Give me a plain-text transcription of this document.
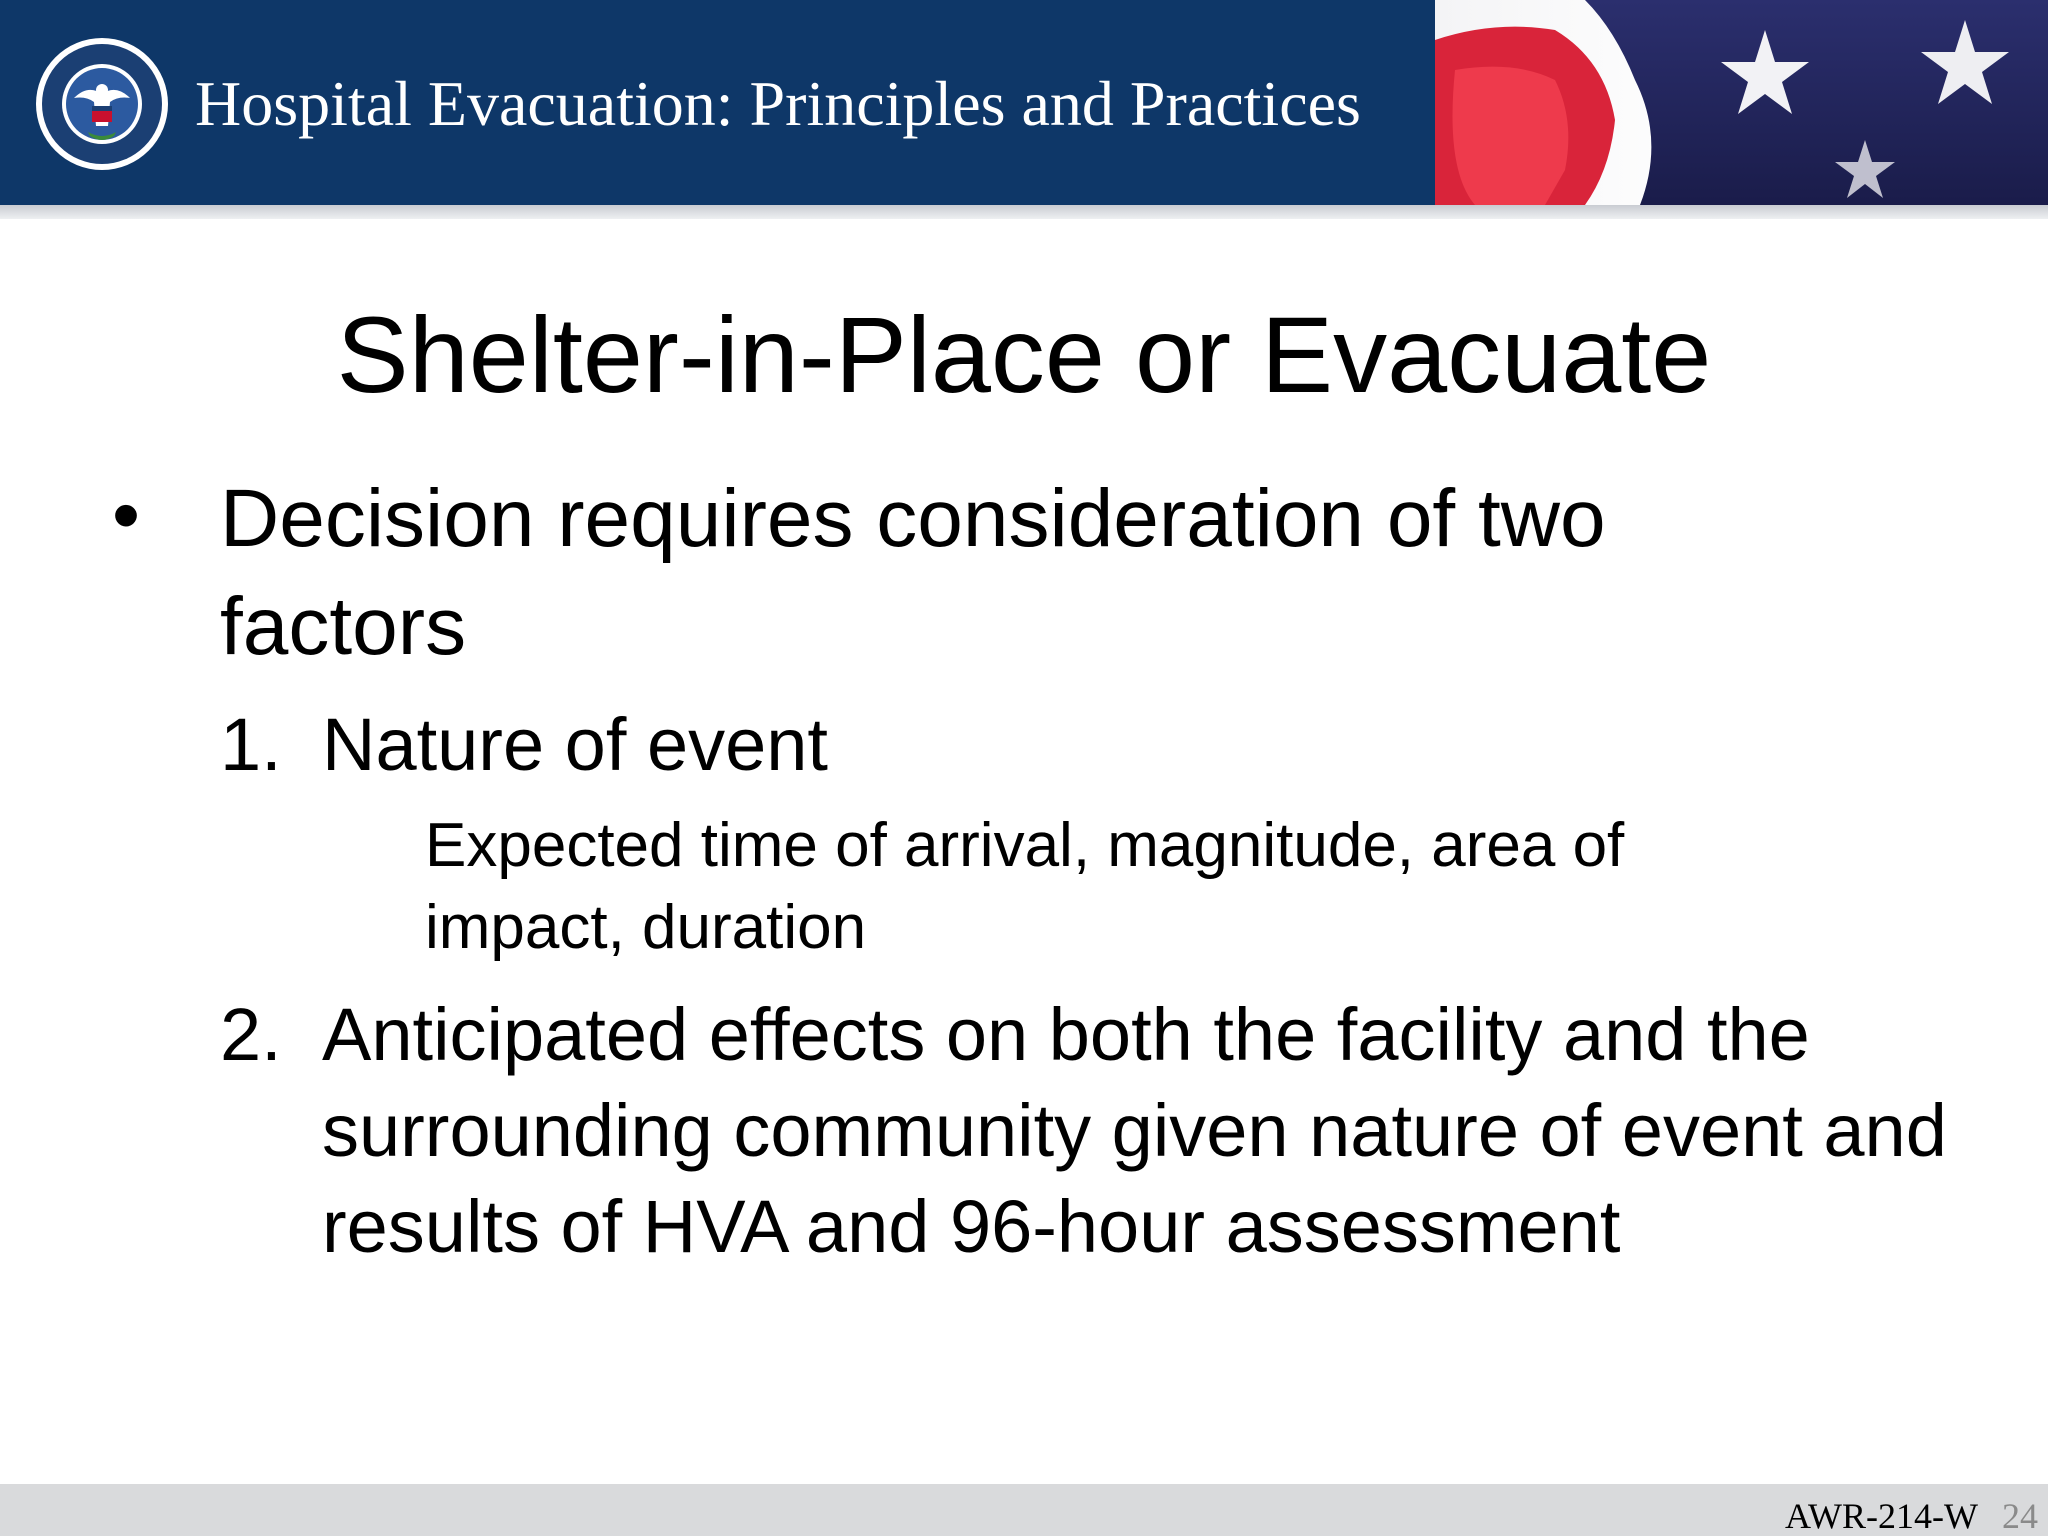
Hospital Evacuation: Principles and Practices
Shelter-in-Place or Evacuate
• Decision requires consideration of two factors
1. Nature of event
Expected time of arrival, magnitude, area of impact, duration
2. Anticipated effects on both the facility and the surrounding community given nature of event and results of HVA and 96-hour assessment
AWR-214-W 24
